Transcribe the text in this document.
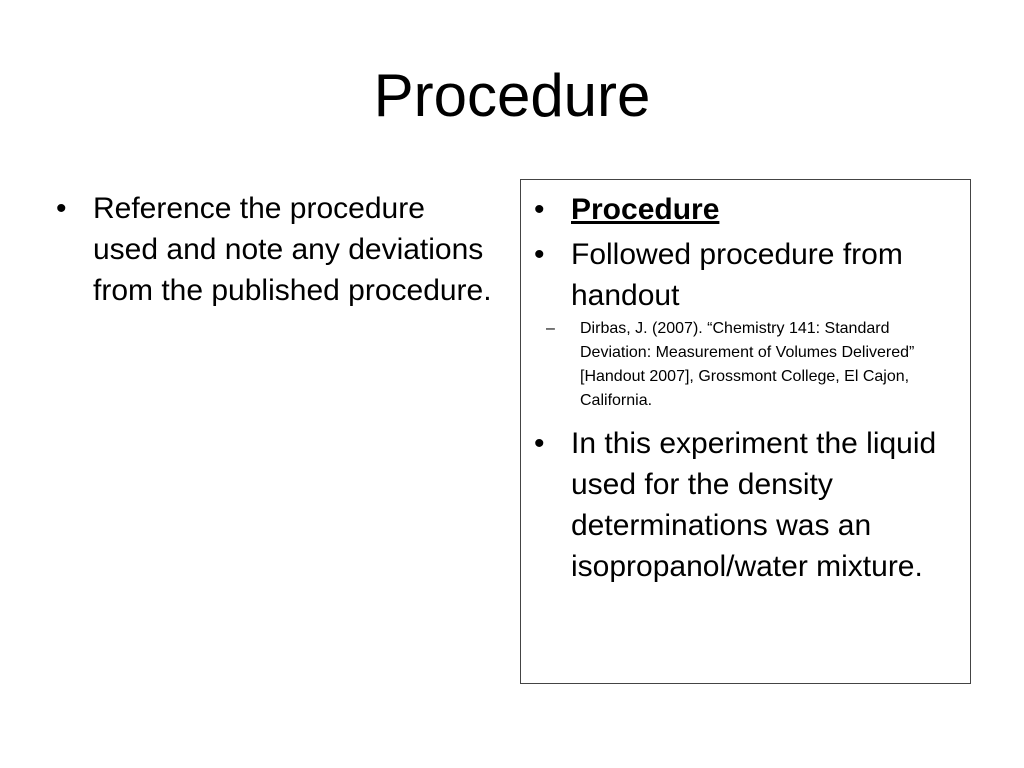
Procedure
• Reference the procedure used and note any deviations from the published procedure.
• Procedure
• Followed procedure from handout
– Dirbas, J. (2007). “Chemistry 141: Standard Deviation: Measurement of Volumes Delivered” [Handout 2007], Grossmont College, El Cajon, California.
• In this experiment the liquid used for the density determinations was an isopropanol/water mixture.
